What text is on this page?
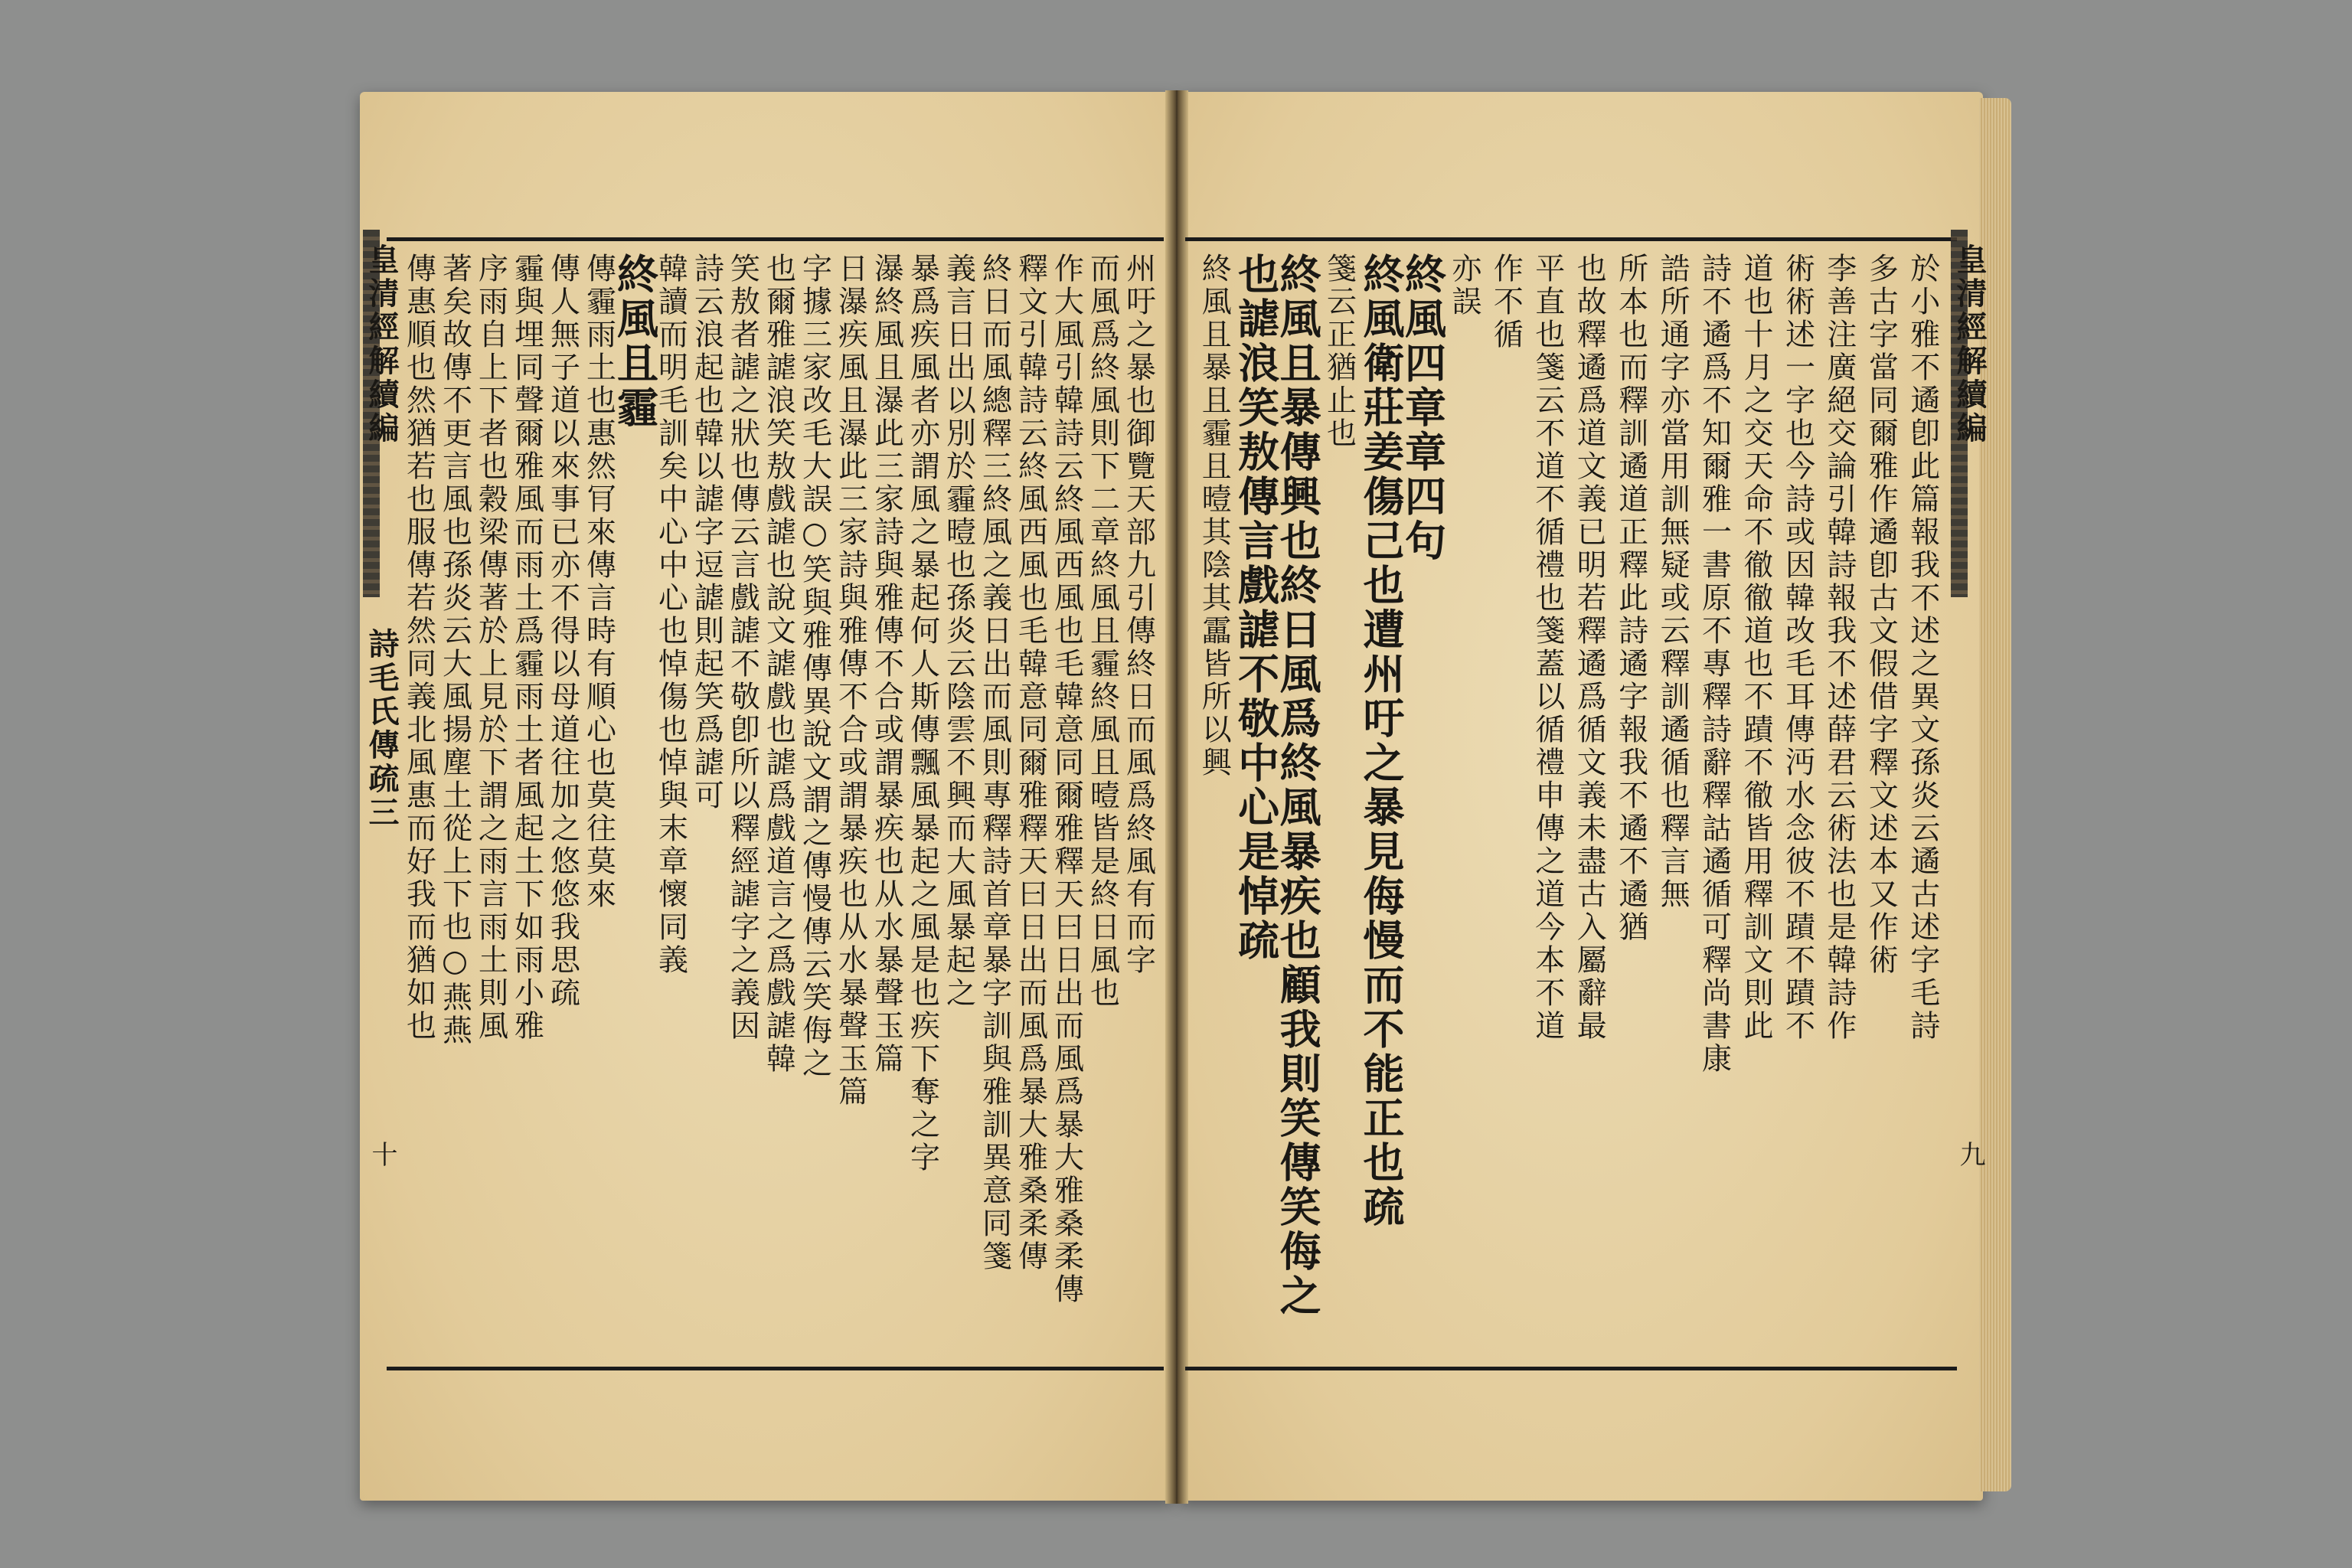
皇清經解續編
詩毛氏傳疏三
十
皇清經解續編
九
州吁之暴也御覽天部九引傳終日而風爲終風有而字
而風爲終風則下二章終風且霾終風且曀皆是終日風也
作大風引韓詩云終風西風也毛韓意同爾雅釋天曰日出而風爲暴大雅桑柔傳
釋文引韓詩云終風西風也毛韓意同爾雅釋天曰日出而風爲暴大雅桑柔傳
終日而風總釋三終風之義日出而風則專釋詩首章暴字訓與雅訓異意同箋
義言日出以別於霾曀也孫炎云陰雲不興而大風暴起之
暴爲疾風者亦謂風之暴起何人斯傳飄風暴起之風是也疾下奪之字
瀑終風且瀑此三家詩與雅傳不合或謂暴疾也从水暴聲玉篇
日瀑疾風且瀑此三家詩與雅傳不合或謂暴疾也从水暴聲玉篇
字據三家改毛大誤○笑與雅傳異說文謂之傳慢傳云笑侮之
也爾雅謔浪笑敖戲謔也說文謔戲也謔爲戲道言之爲戲謔韓
笑敖者謔之狀也傳云言戲謔不敬卽所以釋經謔字之義因
詩云浪起也韓以謔字逗謔則起笑爲謔可
韓讀而明毛訓矣中心中心也悼傷也悼與末章懷同義
終風且霾
傳霾雨土也惠然肎來傳言時有順心也莫往莫來
傳人無子道以來事已亦不得以母道往加之悠悠我思疏
霾與埋同聲爾雅風而雨土爲霾雨土者風起土下如雨小雅
序雨自上下者也穀梁傳著於上見於下謂之雨言雨土則風
著矣故傳不更言風也孫炎云大風揚塵土從上下也○燕燕
傳惠順也然猶若也服傳若然同義北風惠而好我而猶如也	於小雅不遹卽此篇報我不述之異文孫炎云遹古述字毛詩
多古字當同爾雅作遹卽古文假借字釋文述本又作術
李善注廣絕交論引韓詩報我不述薛君云術法也是韓詩作
術術述一字也今詩或因韓改毛耳傳沔水念彼不蹟不蹟不
道也十月之交天命不徹徹道也不蹟不徹皆用釋訓文則此
詩不遹爲不知爾雅一書原不專釋詩辭釋詁遹循可釋尚書康
誥所通字亦當用訓無疑或云釋訓遹循也釋言無
所本也而釋訓遹道正釋此詩遹字報我不遹不遹猶
也故釋遹爲道文義已明若釋遹爲循文義未盡古入屬辭最
平直也箋云不道不循禮也箋蓋以循禮申傳之道今本不道
作不循
亦誤
終風四章章四句
終風衛莊姜傷己也遭州吁之暴見侮慢而不能正也疏
箋云正猶止也
終風且暴傳興也終日風爲終風暴疾也顧我則笑傳笑侮之
也謔浪笑敖傳言戲謔不敬中心是悼疏
終風且暴且霾且曀其陰其靁皆所以興
